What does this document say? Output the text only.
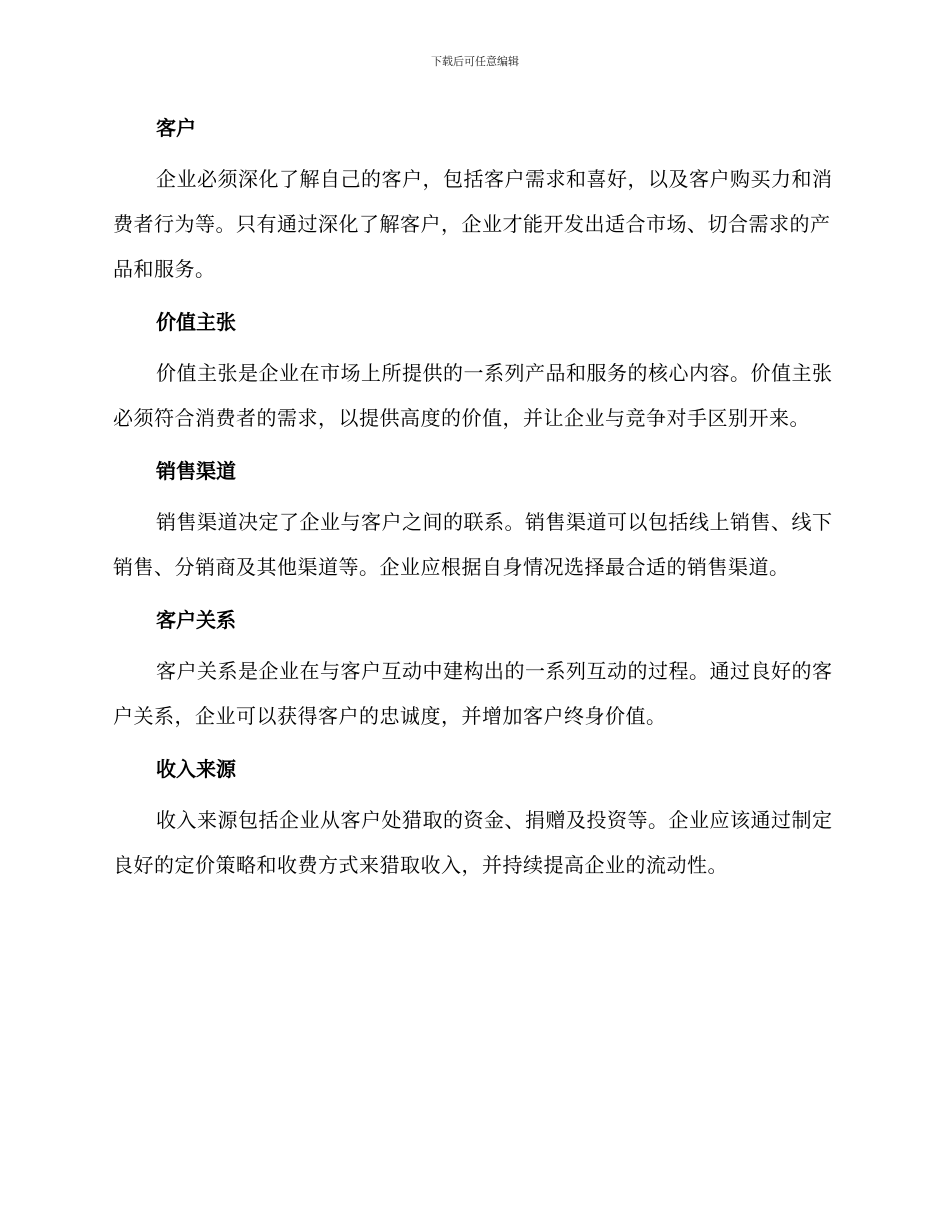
下载后可任意编辑
客户

企业必须深化了解自己的客户，包括客户需求和喜好，以及客户购买力和消费者行为等。只有通过深化了解客户，企业才能开发出适合市场、切合需求的产品和服务。

价值主张

价值主张是企业在市场上所提供的一系列产品和服务的核心内容。价值主张必须符合消费者的需求，以提供高度的价值，并让企业与竞争对手区别开来。

销售渠道

销售渠道决定了企业与客户之间的联系。销售渠道可以包括线上销售、线下销售、分销商及其他渠道等。企业应根据自身情况选择最合适的销售渠道。

客户关系

客户关系是企业在与客户互动中建构出的一系列互动的过程。通过良好的客户关系，企业可以获得客户的忠诚度，并增加客户终身价值。

收入来源

收入来源包括企业从客户处猎取的资金、捐赠及投资等。企业应该通过制定良好的定价策略和收费方式来猎取收入，并持续提高企业的流动性。
